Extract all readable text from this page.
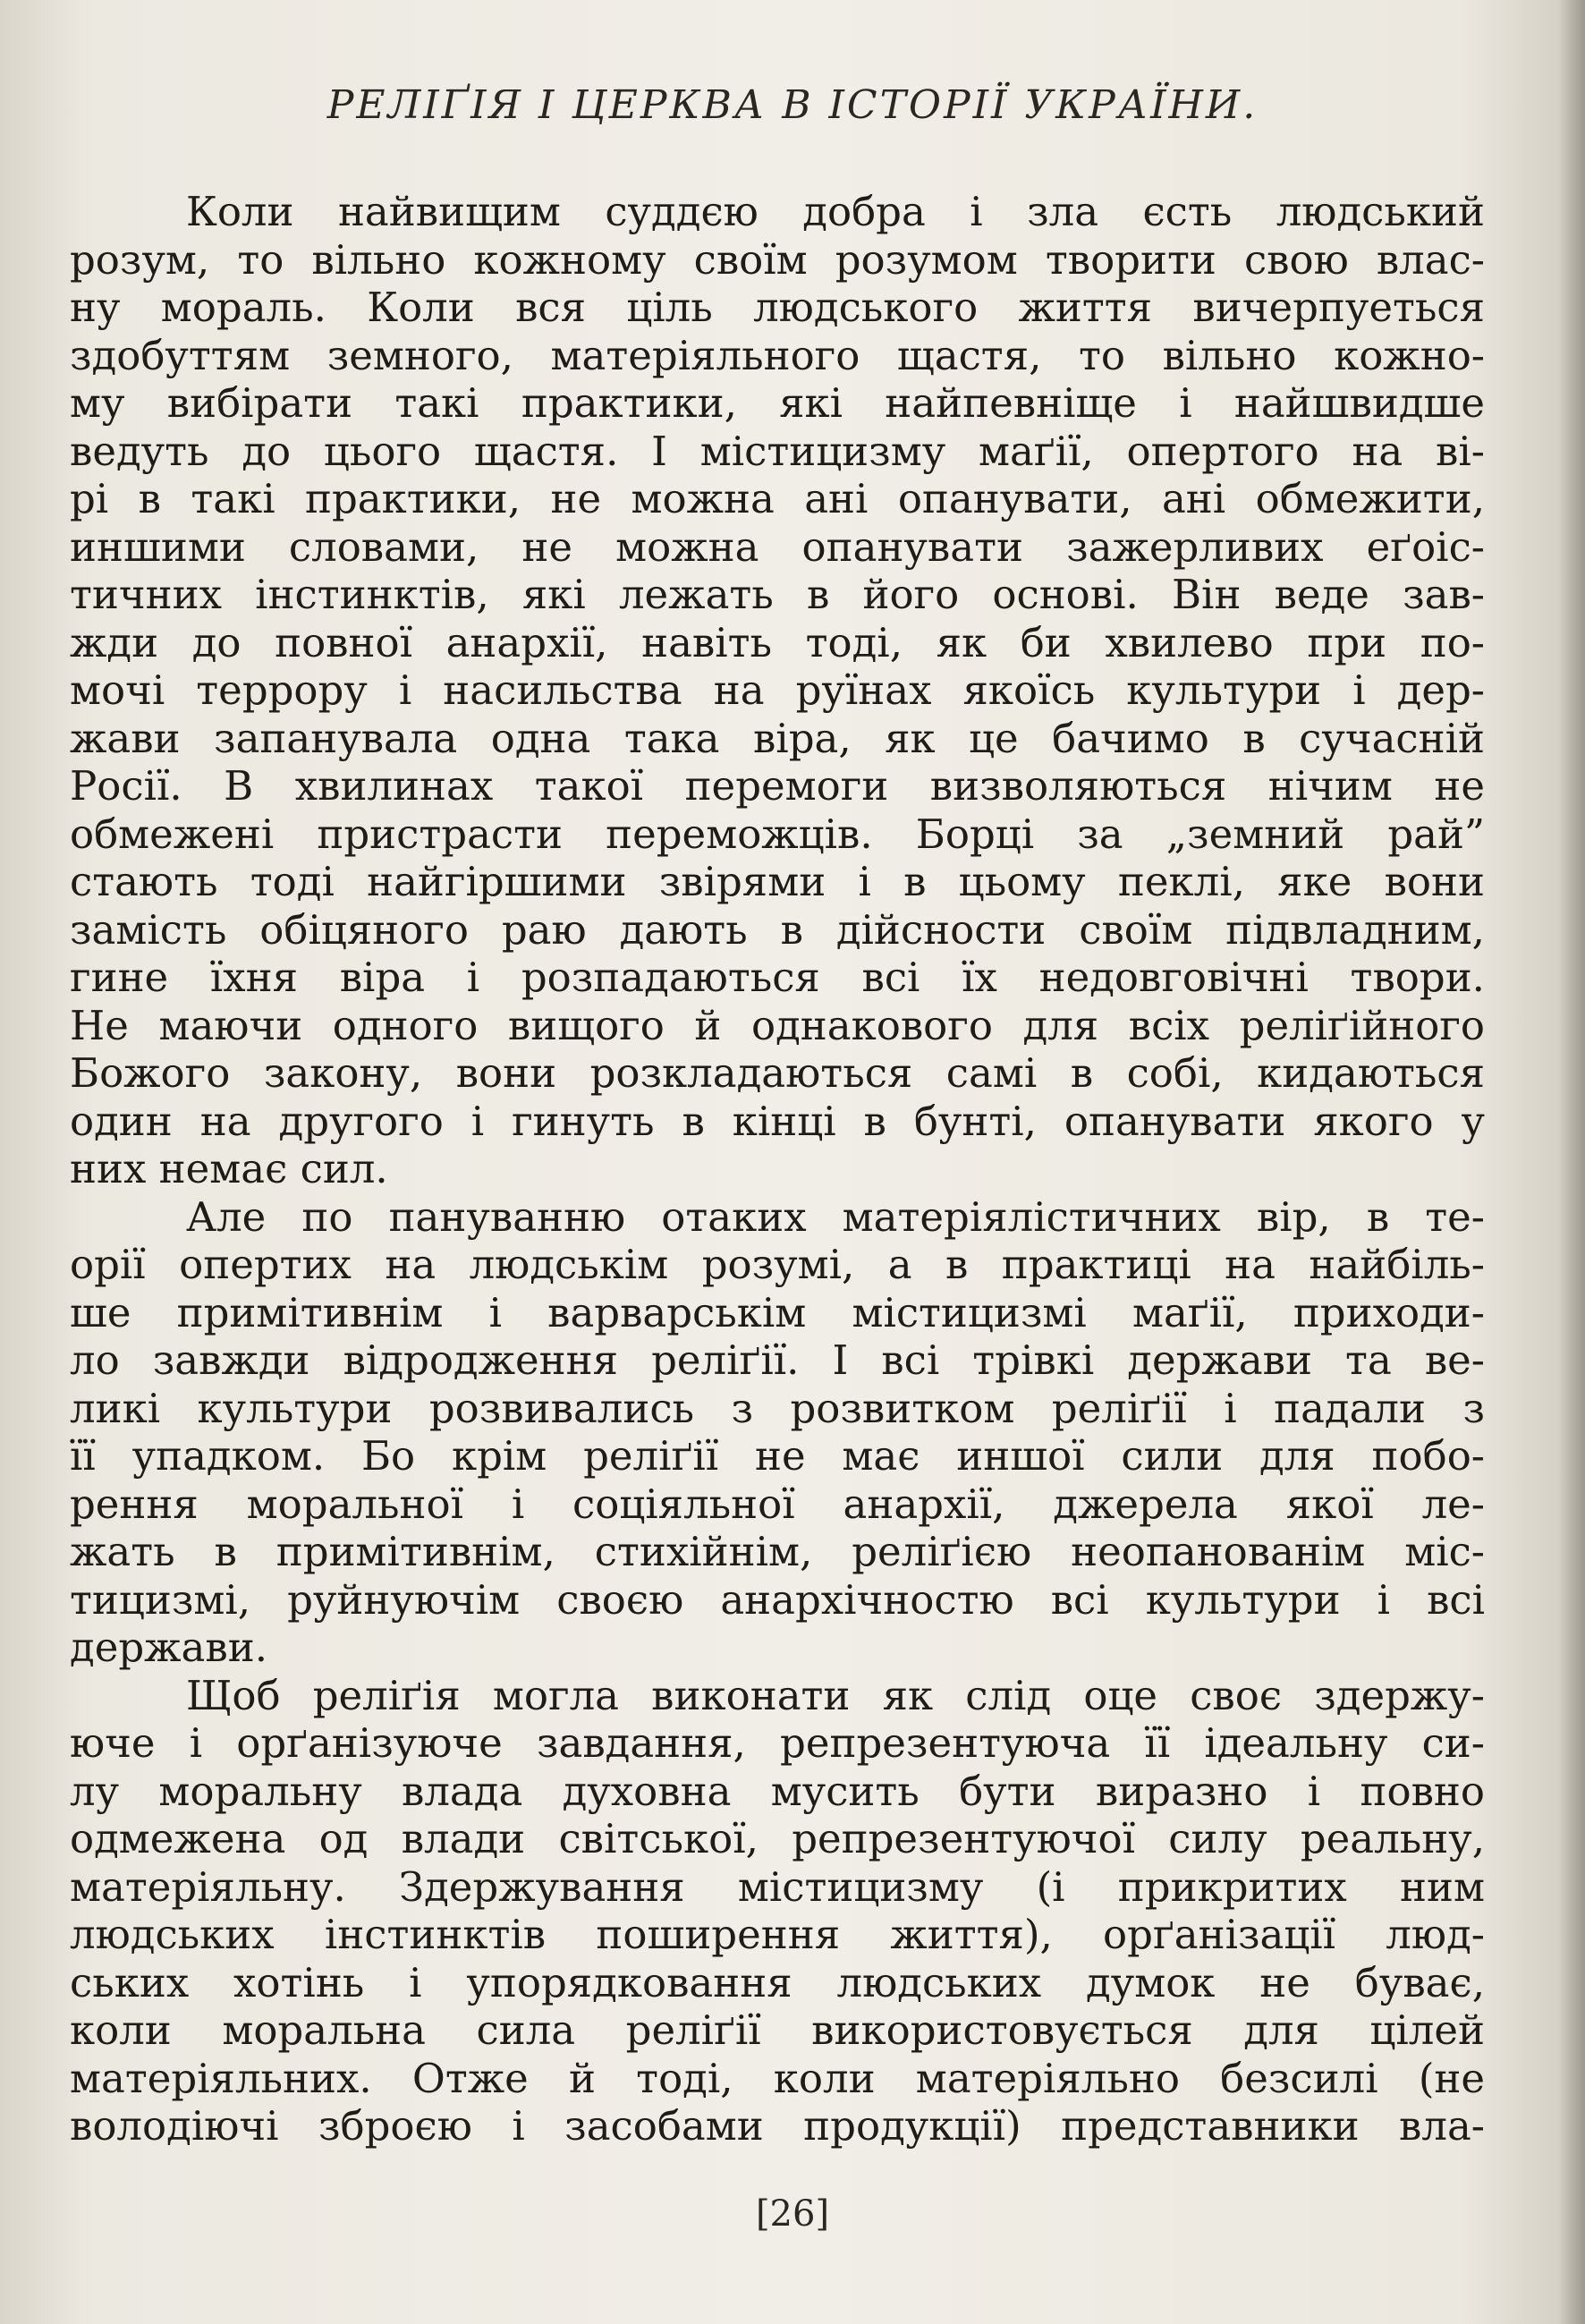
РЕЛІҐІЯ І ЦЕРКВА В ІСТОРІЇ УКРАЇНИ.
Коли найвищим суддєю добра і зла єсть людський
розум, то вільно кожному своїм розумом творити свою влас-
ну мораль. Коли вся ціль людського життя вичерпуеться
здобуттям земного, матеріяльного щастя, то вільно кожно-
му вибірати такі практики, які найпевніще і найшвидше
ведуть до цього щастя. І містицизму маґії, опертого на ві-
рі в такі практики, не можна ані опанувати, ані обмежити,
иншими словами, не можна опанувати зажерливих еґоіс-
тичних інстинктів, які лежать в його основі. Він веде зав-
жди до повної анархії, навіть тоді, як би хвилево при по-
мочі террору і насильства на руїнах якоїсь культури і дер-
жави запанувала одна така віра, як це бачимо в сучасній
Росії. В хвилинах такої перемоги визволяються нічим не
обмежені пристрасти переможців. Борці за „земний рай”
стають тоді найгіршими звірями і в цьому пеклі, яке вони
замість обіцяного раю дають в дійсности своїм підвладним,
гине їхня віра і розпадаються всі їх недовговічні твори.
Не маючи одного вищого й однакового для всіх реліґійного
Божого закону, вони розкладаються самі в собі, кидаються
один на другого і гинуть в кінці в бунті, опанувати якого у
них немає сил.
Але по пануванню отаких матеріялістичних вір, в те-
орії опертих на людськім розумі, а в практиці на найбіль-
ше примітивнім і варварськім містицизмі маґії, приходи-
ло завжди відродження реліґії. І всі трівкі держави та ве-
ликі культури розвивались з розвитком реліґії і падали з
її упадком. Бо крім реліґії не має иншої сили для побо-
рення моральної і соціяльної анархії, джерела якої ле-
жать в примітивнім, стихійнім, реліґією неопанованім міс-
тицизмі, руйнуючім своєю анархічностю всі культури і всі
держави.
Щоб реліґія могла виконати як слід оце своє здержу-
юче і орґанізуюче завдання, репрезентуюча її ідеальну си-
лу моральну влада духовна мусить бути виразно і повно
одмежена од влади світської, репрезентуючої силу реальну,
матеріяльну. Здержування містицизму (і прикритих ним
людських інстинктів поширення життя), орґанізації люд-
ських хотінь і упорядковання людських думок не буває,
коли моральна сила реліґії використовується для цілей
матеріяльних. Отже й тоді, коли матеріяльно безсилі (не
володіючі зброєю і засобами продукції) представники вла-
[26]
